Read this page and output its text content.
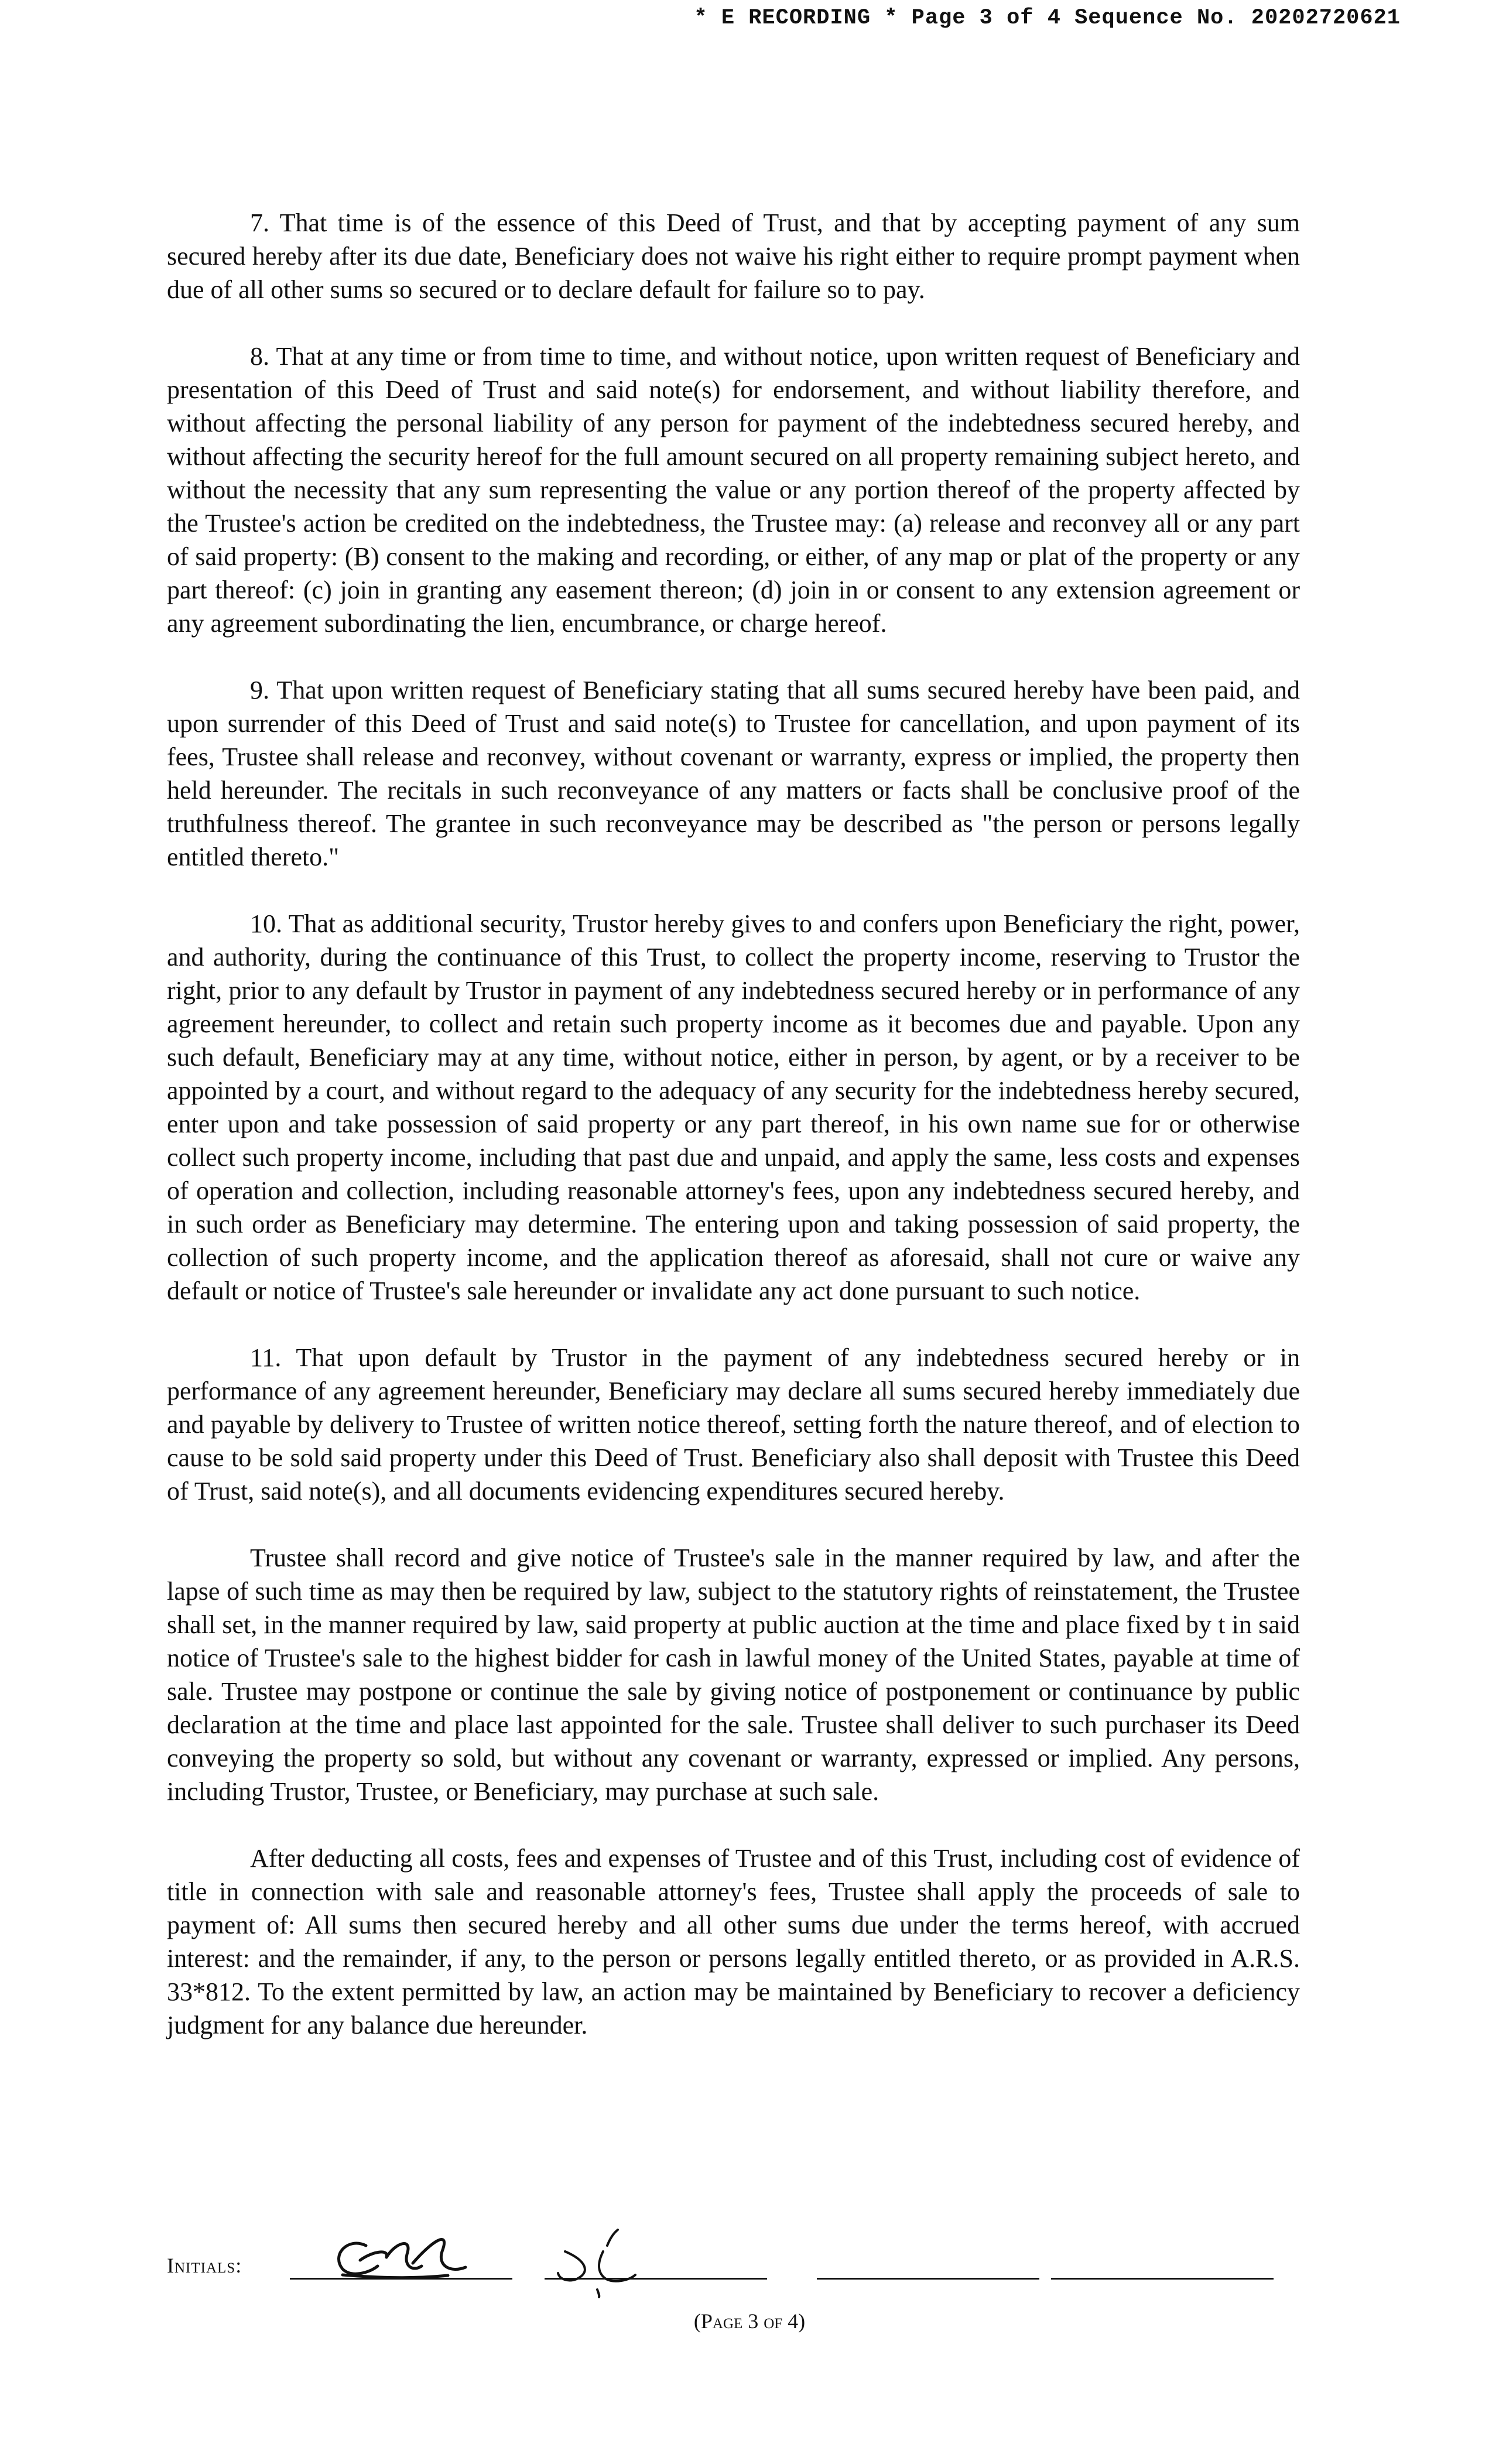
* E RECORDING * Page 3 of 4 Sequence No. 20202720621

7. That time is of the essence of this Deed of Trust, and that by accepting payment of any sum secured hereby after its due date, Beneficiary does not waive his right either to require prompt payment when due of all other sums so secured or to declare default for failure so to pay.

8. That at any time or from time to time, and without notice, upon written request of Beneficiary and presentation of this Deed of Trust and said note(s) for endorsement, and without liability therefore, and without affecting the personal liability of any person for payment of the indebtedness secured hereby, and without affecting the security hereof for the full amount secured on all property remaining subject hereto, and without the necessity that any sum representing the value or any portion thereof of the property affected by the Trustee's action be credited on the indebtedness, the Trustee may: (a) release and reconvey all or any part of said property: (B) consent to the making and recording, or either, of any map or plat of the property or any part thereof: (c) join in granting any easement thereon; (d) join in or consent to any extension agreement or any agreement subordinating the lien, encumbrance, or charge hereof.

9. That upon written request of Beneficiary stating that all sums secured hereby have been paid, and upon surrender of this Deed of Trust and said note(s) to Trustee for cancellation, and upon payment of its fees, Trustee shall release and reconvey, without covenant or warranty, express or implied, the property then held hereunder. The recitals in such reconveyance of any matters or facts shall be conclusive proof of the truthfulness thereof. The grantee in such reconveyance may be described as "the person or persons legally entitled thereto."

10. That as additional security, Trustor hereby gives to and confers upon Beneficiary the right, power, and authority, during the continuance of this Trust, to collect the property income, reserving to Trustor the right, prior to any default by Trustor in payment of any indebtedness secured hereby or in performance of any agreement hereunder, to collect and retain such property income as it becomes due and payable. Upon any such default, Beneficiary may at any time, without notice, either in person, by agent, or by a receiver to be appointed by a court, and without regard to the adequacy of any security for the indebtedness hereby secured, enter upon and take possession of said property or any part thereof, in his own name sue for or otherwise collect such property income, including that past due and unpaid, and apply the same, less costs and expenses of operation and collection, including reasonable attorney's fees, upon any indebtedness secured hereby, and in such order as Beneficiary may determine. The entering upon and taking possession of said property, the collection of such property income, and the application thereof as aforesaid, shall not cure or waive any default or notice of Trustee's sale hereunder or invalidate any act done pursuant to such notice.

11. That upon default by Trustor in the payment of any indebtedness secured hereby or in performance of any agreement hereunder, Beneficiary may declare all sums secured hereby immediately due and payable by delivery to Trustee of written notice thereof, setting forth the nature thereof, and of election to cause to be sold said property under this Deed of Trust. Beneficiary also shall deposit with Trustee this Deed of Trust, said note(s), and all documents evidencing expenditures secured hereby.

Trustee shall record and give notice of Trustee's sale in the manner required by law, and after the lapse of such time as may then be required by law, subject to the statutory rights of reinstatement, the Trustee shall set, in the manner required by law, said property at public auction at the time and place fixed by t in said notice of Trustee's sale to the highest bidder for cash in lawful money of the United States, payable at time of sale. Trustee may postpone or continue the sale by giving notice of postponement or continuance by public declaration at the time and place last appointed for the sale. Trustee shall deliver to such purchaser its Deed conveying the property so sold, but without any covenant or warranty, expressed or implied. Any persons, including Trustor, Trustee, or Beneficiary, may purchase at such sale.

After deducting all costs, fees and expenses of Trustee and of this Trust, including cost of evidence of title in connection with sale and reasonable attorney's fees, Trustee shall apply the proceeds of sale to payment of: All sums then secured hereby and all other sums due under the terms hereof, with accrued interest: and the remainder, if any, to the person or persons legally entitled thereto, or as provided in A.R.S. 33*812. To the extent permitted by law, an action may be maintained by Beneficiary to recover a deficiency judgment for any balance due hereunder.

Initials:
(Page 3 of 4)
